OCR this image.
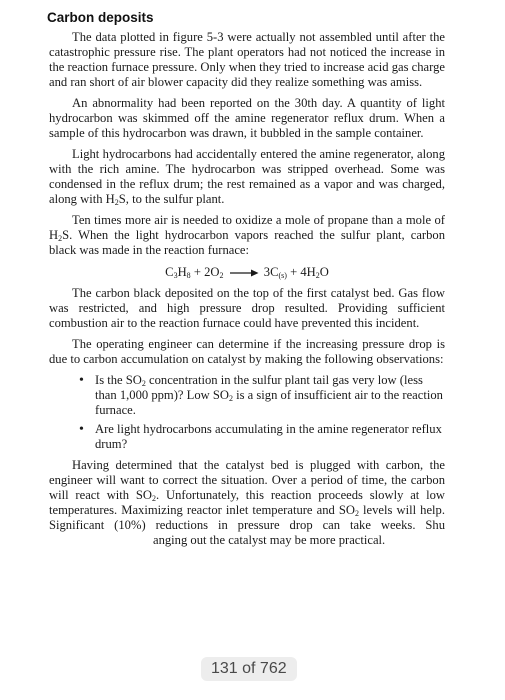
Carbon deposits

The data plotted in figure 5-3 were actually not assembled until after the catastrophic pressure rise. The plant operators had not noticed the increase in the reaction furnace pressure. Only when they tried to increase acid gas charge and ran short of air blower capacity did they realize something was amiss.

An abnormality had been reported on the 30th day. A quantity of light hydrocarbon was skimmed off the amine regenerator reflux drum. When a sample of this hydrocarbon was drawn, it bubbled in the sample container.

Light hydrocarbons had accidentally entered the amine regenerator, along with the rich amine. The hydrocarbon was stripped overhead. Some was condensed in the reflux drum; the rest remained as a vapor and was charged, along with $H_2S$, to the sulfur plant.

Ten times more air is needed to oxidize a mole of propane than a mole of $H_2S$. When the light hydrocarbon vapors reached the sulfur plant, carbon black was made in the reaction furnace:

$C_3H_8 + 2O_2 \to 3C_{(s)} + 4H_2O$

The carbon black deposited on the top of the first catalyst bed. Gas flow was restricted, and high pressure drop resulted. Providing sufficient combustion air to the reaction furnace could have prevented this incident.

The operating engineer can determine if the increasing pressure drop is due to carbon accumulation on catalyst by making the following observations:

• Is the $SO_2$ concentration in the sulfur plant tail gas very low (less than 1,000 ppm)? Low $SO_2$ is a sign of insufficient air to the reaction furnace.
• Are light hydrocarbons accumulating in the amine regenerator reflux drum?

Having determined that the catalyst bed is plugged with carbon, the engineer will want to correct the situation. Over a period of time, the carbon will react with $SO_2$. Unfortunately, this reaction proceeds slowly at low temperatures. Maximizing reactor inlet temperature and $SO_2$ levels will help. Significant (10%) reductions in pressure drop can take weeks. Shuanging out the catalyst may be more practical.

131 of 762
